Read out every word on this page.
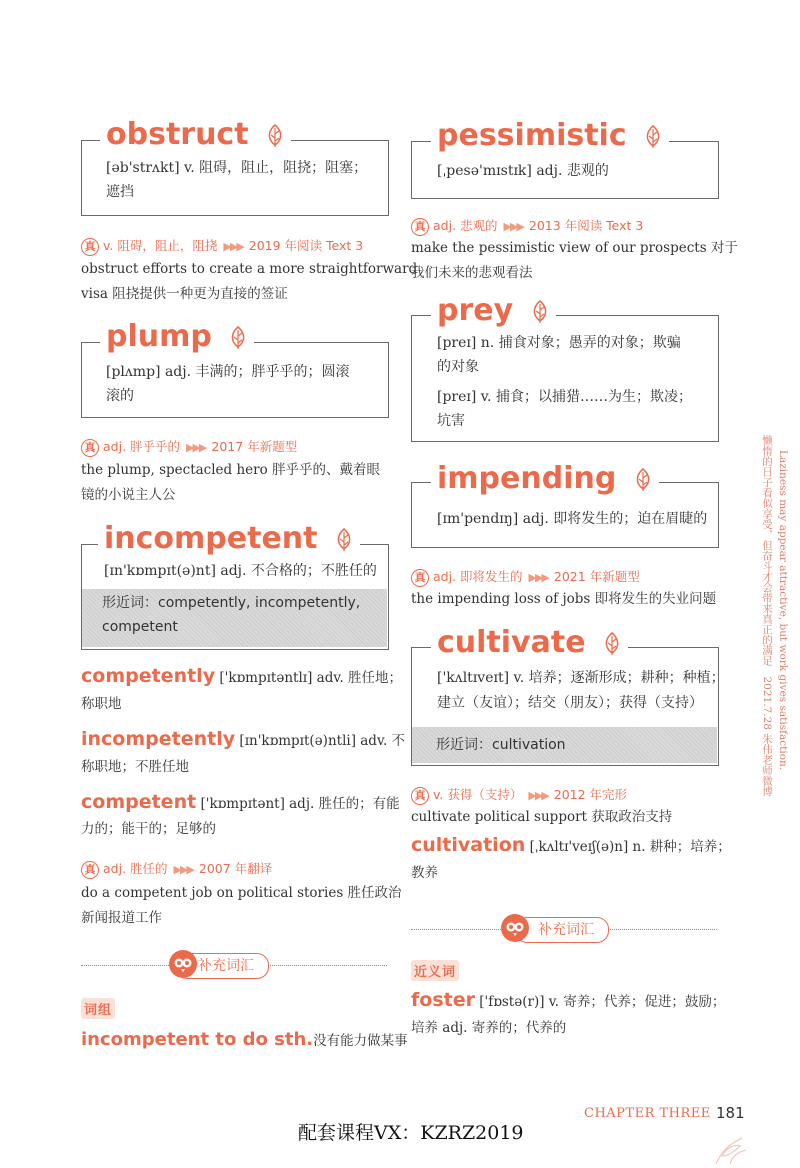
obstruct
[əb'strʌkt] v. 阻碍，阻止，阻挠；阻塞；
遮挡
真 v. 阻碍，阻止，阻挠 ▶▶▶ 2019 年阅读 Text 3
obstruct efforts to create a more straightforward
visa 阻挠提供一种更为直接的签证
plump
[plʌmp] adj. 丰满的；胖乎乎的；圆滚
滚的
真 adj. 胖乎乎的 ▶▶▶ 2017 年新题型
the plump, spectacled hero 胖乎乎的、戴着眼
镜的小说主人公
incompetent
[ɪn'kɒmpɪt(ə)nt] adj. 不合格的；不胜任的
形近词：competently, incompetently,
competent
competently ['kɒmpɪtəntlɪ] adv. 胜任地；
称职地
incompetently [ɪn'kɒmpɪt(ə)ntli] adv. 不
称职地；不胜任地
competent ['kɒmpɪtənt] adj. 胜任的；有能
力的；能干的；足够的
真 adj. 胜任的 ▶▶▶ 2007 年翻译
do a competent job on political stories 胜任政治
新闻报道工作
补充词汇
词组
incompetent to do sth.没有能力做某事
pessimistic
[ˌpesə'mɪstɪk] adj. 悲观的
真 adj. 悲观的 ▶▶▶ 2013 年阅读 Text 3
make the pessimistic view of our prospects 对于
我们未来的悲观看法
prey
[preɪ] n. 捕食对象；愚弄的对象；欺骗
的对象
[preɪ] v. 捕食；以捕猎……为生；欺凌；
坑害
impending
[ɪm'pendɪŋ] adj. 即将发生的；迫在眉睫的
真 adj. 即将发生的 ▶▶▶ 2021 年新题型
the impending loss of jobs 即将发生的失业问题
cultivate
['kʌltɪveɪt] v. 培养；逐渐形成；耕种；种植；
建立（友谊）；结交（朋友）；获得（支持）
形近词：cultivation
真 v. 获得（支持） ▶▶▶ 2012 年完形
cultivate political support 获取政治支持
cultivation [ˌkʌltɪ'veɪʃ(ə)n] n. 耕种；培养；
教养
补充词汇
近义词
foster ['fɒstə(r)] v. 寄养；代养；促进；鼓励；
培养 adj. 寄养的；代养的
懒惰的日子看似享受，但奋斗才会带来真正的满足　2021.7.28 朱伟老师微博 Laziness may appear attractive, but work gives satisfaction.
CHAPTER THREE 181
配套课程VX：KZRZ2019
